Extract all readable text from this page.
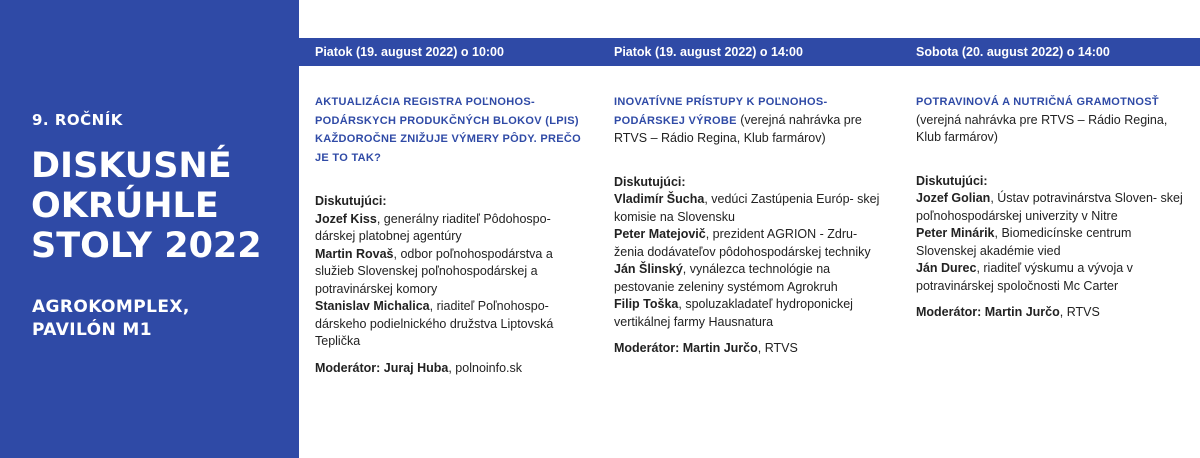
9. ROČNÍK
DISKUSNÉ
OKRÚHLE
STOLY 2022
AGROKOMPLEX,
PAVILÓN M1
Piatok (19. august 2022) o 10:00	Piatok (19. august 2022) o 14:00	Sobota (20. august 2022) o 14:00
AKTUALIZÁCIA REGISTRA POĽNOHOS- PODÁRSKYCH PRODUKČNÝCH BLOKOV (LPIS) KAŽDOROČNE ZNIŽUJE VÝMERY PÔDY. PREČO JE TO TAK?
Diskutujúci:
Jozef Kiss, generálny riaditeľ Pôdohospo- dárskej platobnej agentúry
Martin Rovaš, odbor poľnohospodárstva a služieb Slovenskej poľnohospodárskej a potravinárskej komory
Stanislav Michalica, riaditeľ Poľnohospo- dárskeho podielnického družstva Liptovská Teplička
Moderátor: Juraj Huba, polnoinfo.sk
INOVATÍVNE PRÍSTUPY K POĽNOHOS- PODÁRSKEJ VÝROBE (verejná nahrávka pre RTVS – Rádio Regina, Klub farmárov)
Diskutujúci:
Vladimír Šucha, vedúci Zastúpenia Európ- skej komisie na Slovensku
Peter Matejovič, prezident AGRION - Zdru- ženia dodávateľov pôdohospodárskej techniky
Ján Šlinský, vynálezca technológie na pestovanie zeleniny systémom Agrokruh
Filip Toška, spoluzakladateľ hydroponickej vertikálnej farmy Hausnatura
Moderátor: Martin Jurčo, RTVS
POTRAVINOVÁ A NUTRIČNÁ GRAMOTNOSŤ (verejná nahrávka pre RTVS – Rádio Regina, Klub farmárov)
Diskutujúci:
Jozef Golian, Ústav potravinárstva Sloven- skej poľnohospodárskej univerzity v Nitre
Peter Minárik, Biomedicínske centrum Slovenskej akadémie vied
Ján Durec, riaditeľ výskumu a vývoja v potravinárskej spoločnosti Mc Carter
Moderátor: Martin Jurčo, RTVS
